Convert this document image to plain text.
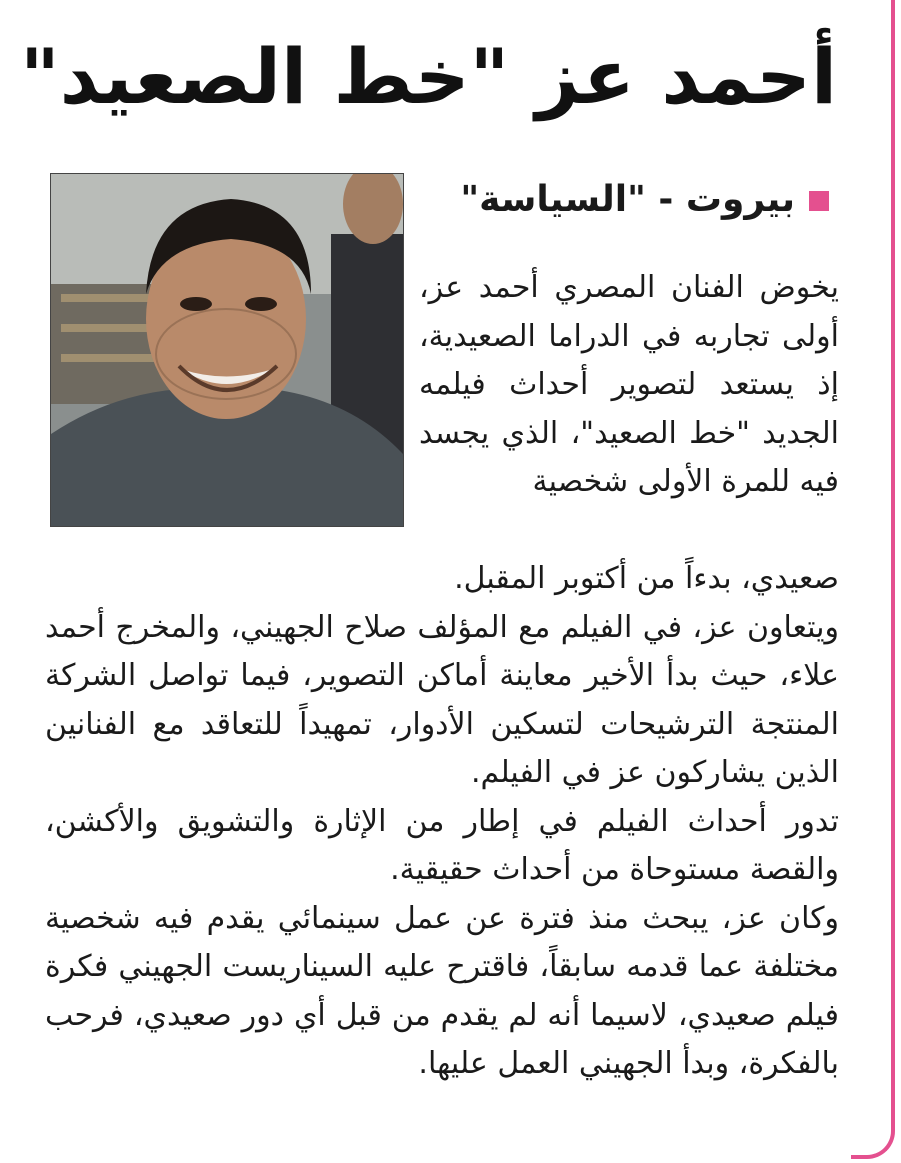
أحمد عز "خط الصعيد"
بيروت - "السياسة"

يخوض الفنان المصري أحمد عز، أولى تجاربه في الدراما الصعيدية، إذ يستعد لتصوير أحداث فيلمه الجديد "خط الصعيد"، الذي يجسد فيه للمرة الأولى شخصية

صعيدي، بدءاً من أكتوبر المقبل.

ويتعاون عز، في الفيلم مع المؤلف صلاح الجهيني، والمخرج أحمد علاء، حيث بدأ الأخير معاينة أماكن التصوير، فيما تواصل الشركة المنتجة الترشيحات لتسكين الأدوار، تمهيداً للتعاقد مع الفنانين الذين يشاركون عز في الفيلم.

تدور أحداث الفيلم في إطار من الإثارة والتشويق والأكشن، والقصة مستوحاة من أحداث حقيقية.

وكان عز، يبحث منذ فترة عن عمل سينمائي يقدم فيه شخصية مختلفة عما قدمه سابقاً، فاقترح عليه السيناريست الجهيني فكرة فيلم صعيدي، لاسيما أنه لم يقدم من قبل أي دور صعيدي، فرحب بالفكرة، وبدأ الجهيني العمل عليها.
